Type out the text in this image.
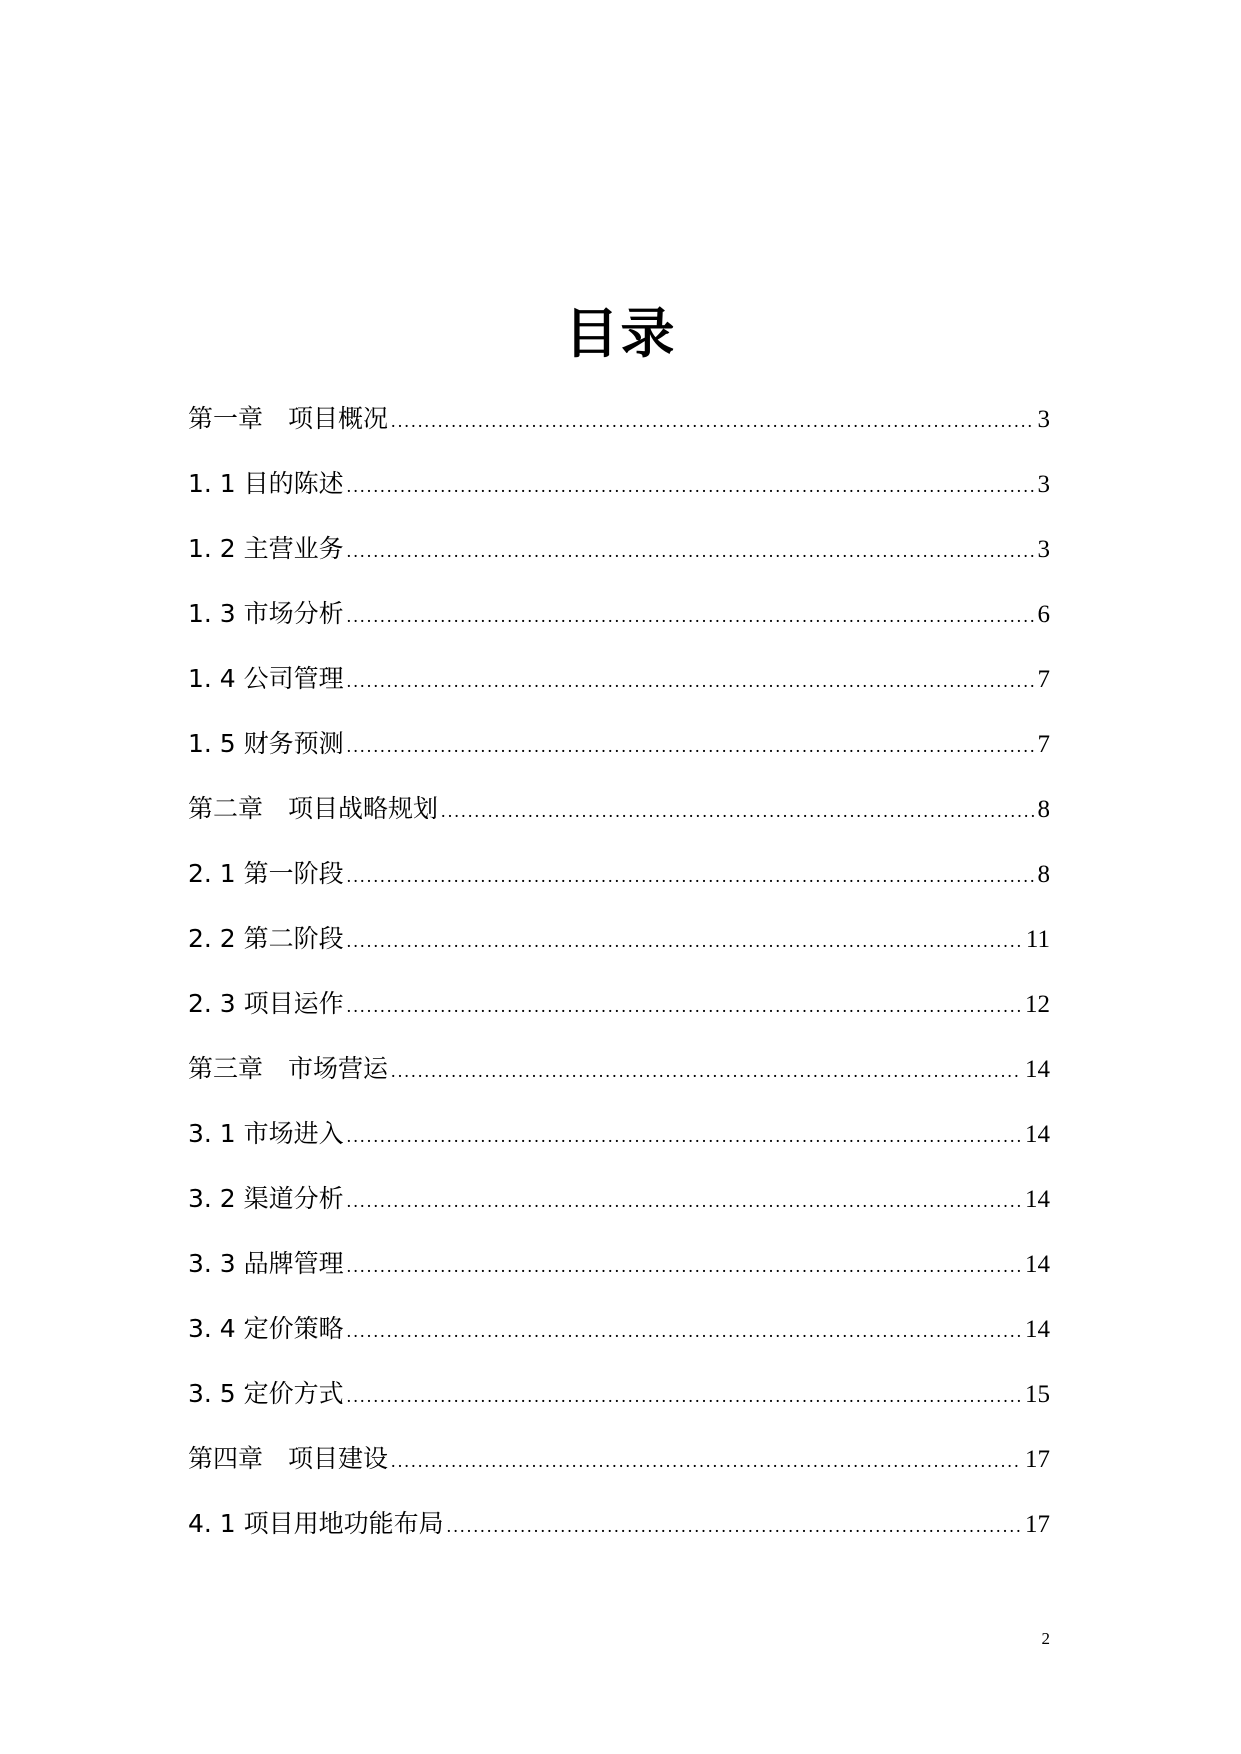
目录
第一章　项目概况 .....	3
1. 1 目的陈述 .....	3
1. 2 主营业务 .....	3
1. 3 市场分析 .....	6
1. 4 公司管理 .....	7
1. 5 财务预测 .....	7
第二章　项目战略规划 .....	8
2. 1 第一阶段 .....	8
2. 2 第二阶段 .....	11
2. 3 项目运作 .....	12
第三章　市场营运 .....	14
3. 1 市场进入 .....	14
3. 2 渠道分析 .....	14
3. 3 品牌管理 .....	14
3. 4 定价策略 .....	14
3. 5 定价方式 .....	15
第四章　项目建设 .....	17
4. 1 项目用地功能布局 .....	17
2
